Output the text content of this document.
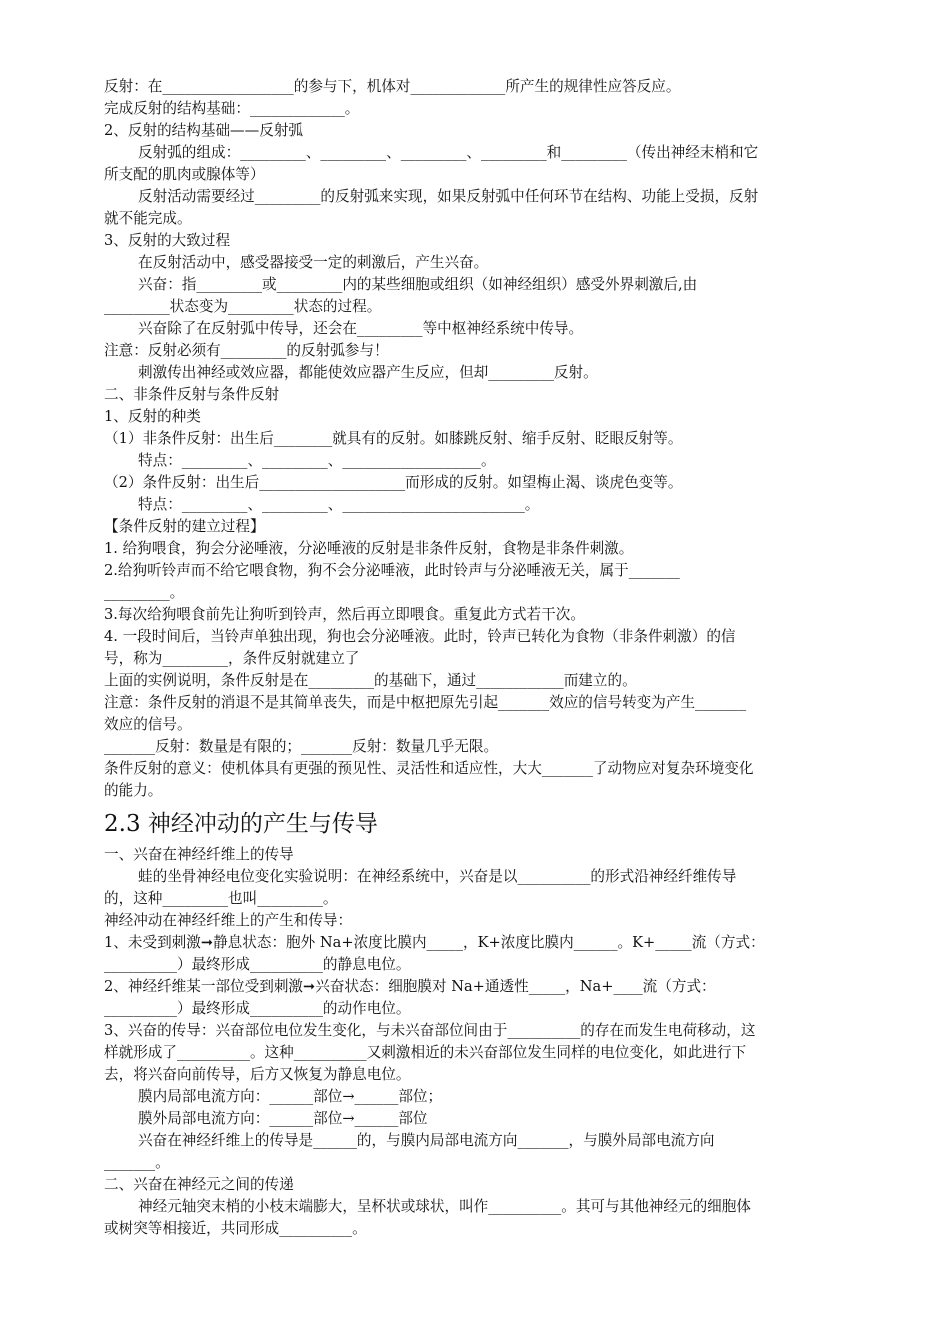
反射：在__________________的参与下，机体对_____________所产生的规律性应答反应。
完成反射的结构基础：_____________。
2、反射的结构基础——反射弧
反射弧的组成：_________、_________、_________、_________和_________（传出神经末梢和它
所支配的肌肉或腺体等）
反射活动需要经过_________的反射弧来实现，如果反射弧中任何环节在结构、功能上受损，反射
就不能完成。
3、反射的大致过程
在反射活动中，感受器接受一定的刺激后，产生兴奋。
兴奋：指_________或_________内的某些细胞或组织（如神经组织）感受外界刺激后,由
_________状态变为_________状态的过程。
兴奋除了在反射弧中传导，还会在_________等中枢神经系统中传导。
注意：反射必须有_________的反射弧参与！
刺激传出神经或效应器，都能使效应器产生反应，但却_________反射。
二、非条件反射与条件反射
1、反射的种类
（1）非条件反射：出生后________就具有的反射。如膝跳反射、缩手反射、眨眼反射等。
特点：_________、_________、___________________。
（2）条件反射：出生后____________________而形成的反射。如望梅止渴、谈虎色变等。
特点：_________、_________、_________________________。
【条件反射的建立过程】
1. 给狗喂食，狗会分泌唾液，分泌唾液的反射是非条件反射，食物是非条件刺激。
2.给狗听铃声而不给它喂食物，狗不会分泌唾液，此时铃声与分泌唾液无关，属于_______
_________。
3.每次给狗喂食前先让狗听到铃声，然后再立即喂食。重复此方式若干次。
4. 一段时间后，当铃声单独出现，狗也会分泌唾液。此时，铃声已转化为食物（非条件刺激）的信
号，称为_________，条件反射就建立了
上面的实例说明，条件反射是在_________的基础下，通过____________而建立的。
注意：条件反射的消退不是其简单丧失，而是中枢把原先引起_______效应的信号转变为产生_______
效应的信号。
_______反射：数量是有限的；_______反射：数量几乎无限。
条件反射的意义：使机体具有更强的预见性、灵活性和适应性，大大_______了动物应对复杂环境变化
的能力。
2.3 神经冲动的产生与传导
一、兴奋在神经纤维上的传导
蛙的坐骨神经电位变化实验说明：在神经系统中，兴奋是以__________的形式沿神经纤维传导
的，这种_________也叫_________。
神经冲动在神经纤维上的产生和传导：
1、未受到刺激➞静息状态：胞外 Na+浓度比膜内_____，K+浓度比膜内______。K+_____流（方式：
__________）最终形成__________的静息电位。
2、神经纤维某一部位受到刺激➞兴奋状态：细胞膜对 Na+通透性_____，Na+____流（方式：
__________）最终形成__________的动作电位。
3、兴奋的传导：兴奋部位电位发生变化，与未兴奋部位间由于__________的存在而发生电荷移动，这
样就形成了__________。这种__________又刺激相近的未兴奋部位发生同样的电位变化，如此进行下
去，将兴奋向前传导，后方又恢复为静息电位。
膜内局部电流方向：______部位→______部位；
膜外局部电流方向：______部位→______部位
兴奋在神经纤维上的传导是______的，与膜内局部电流方向_______，与膜外局部电流方向
_______。
二、兴奋在神经元之间的传递
神经元轴突末梢的小枝末端膨大，呈杯状或球状，叫作__________。其可与其他神经元的细胞体
或树突等相接近，共同形成__________。
